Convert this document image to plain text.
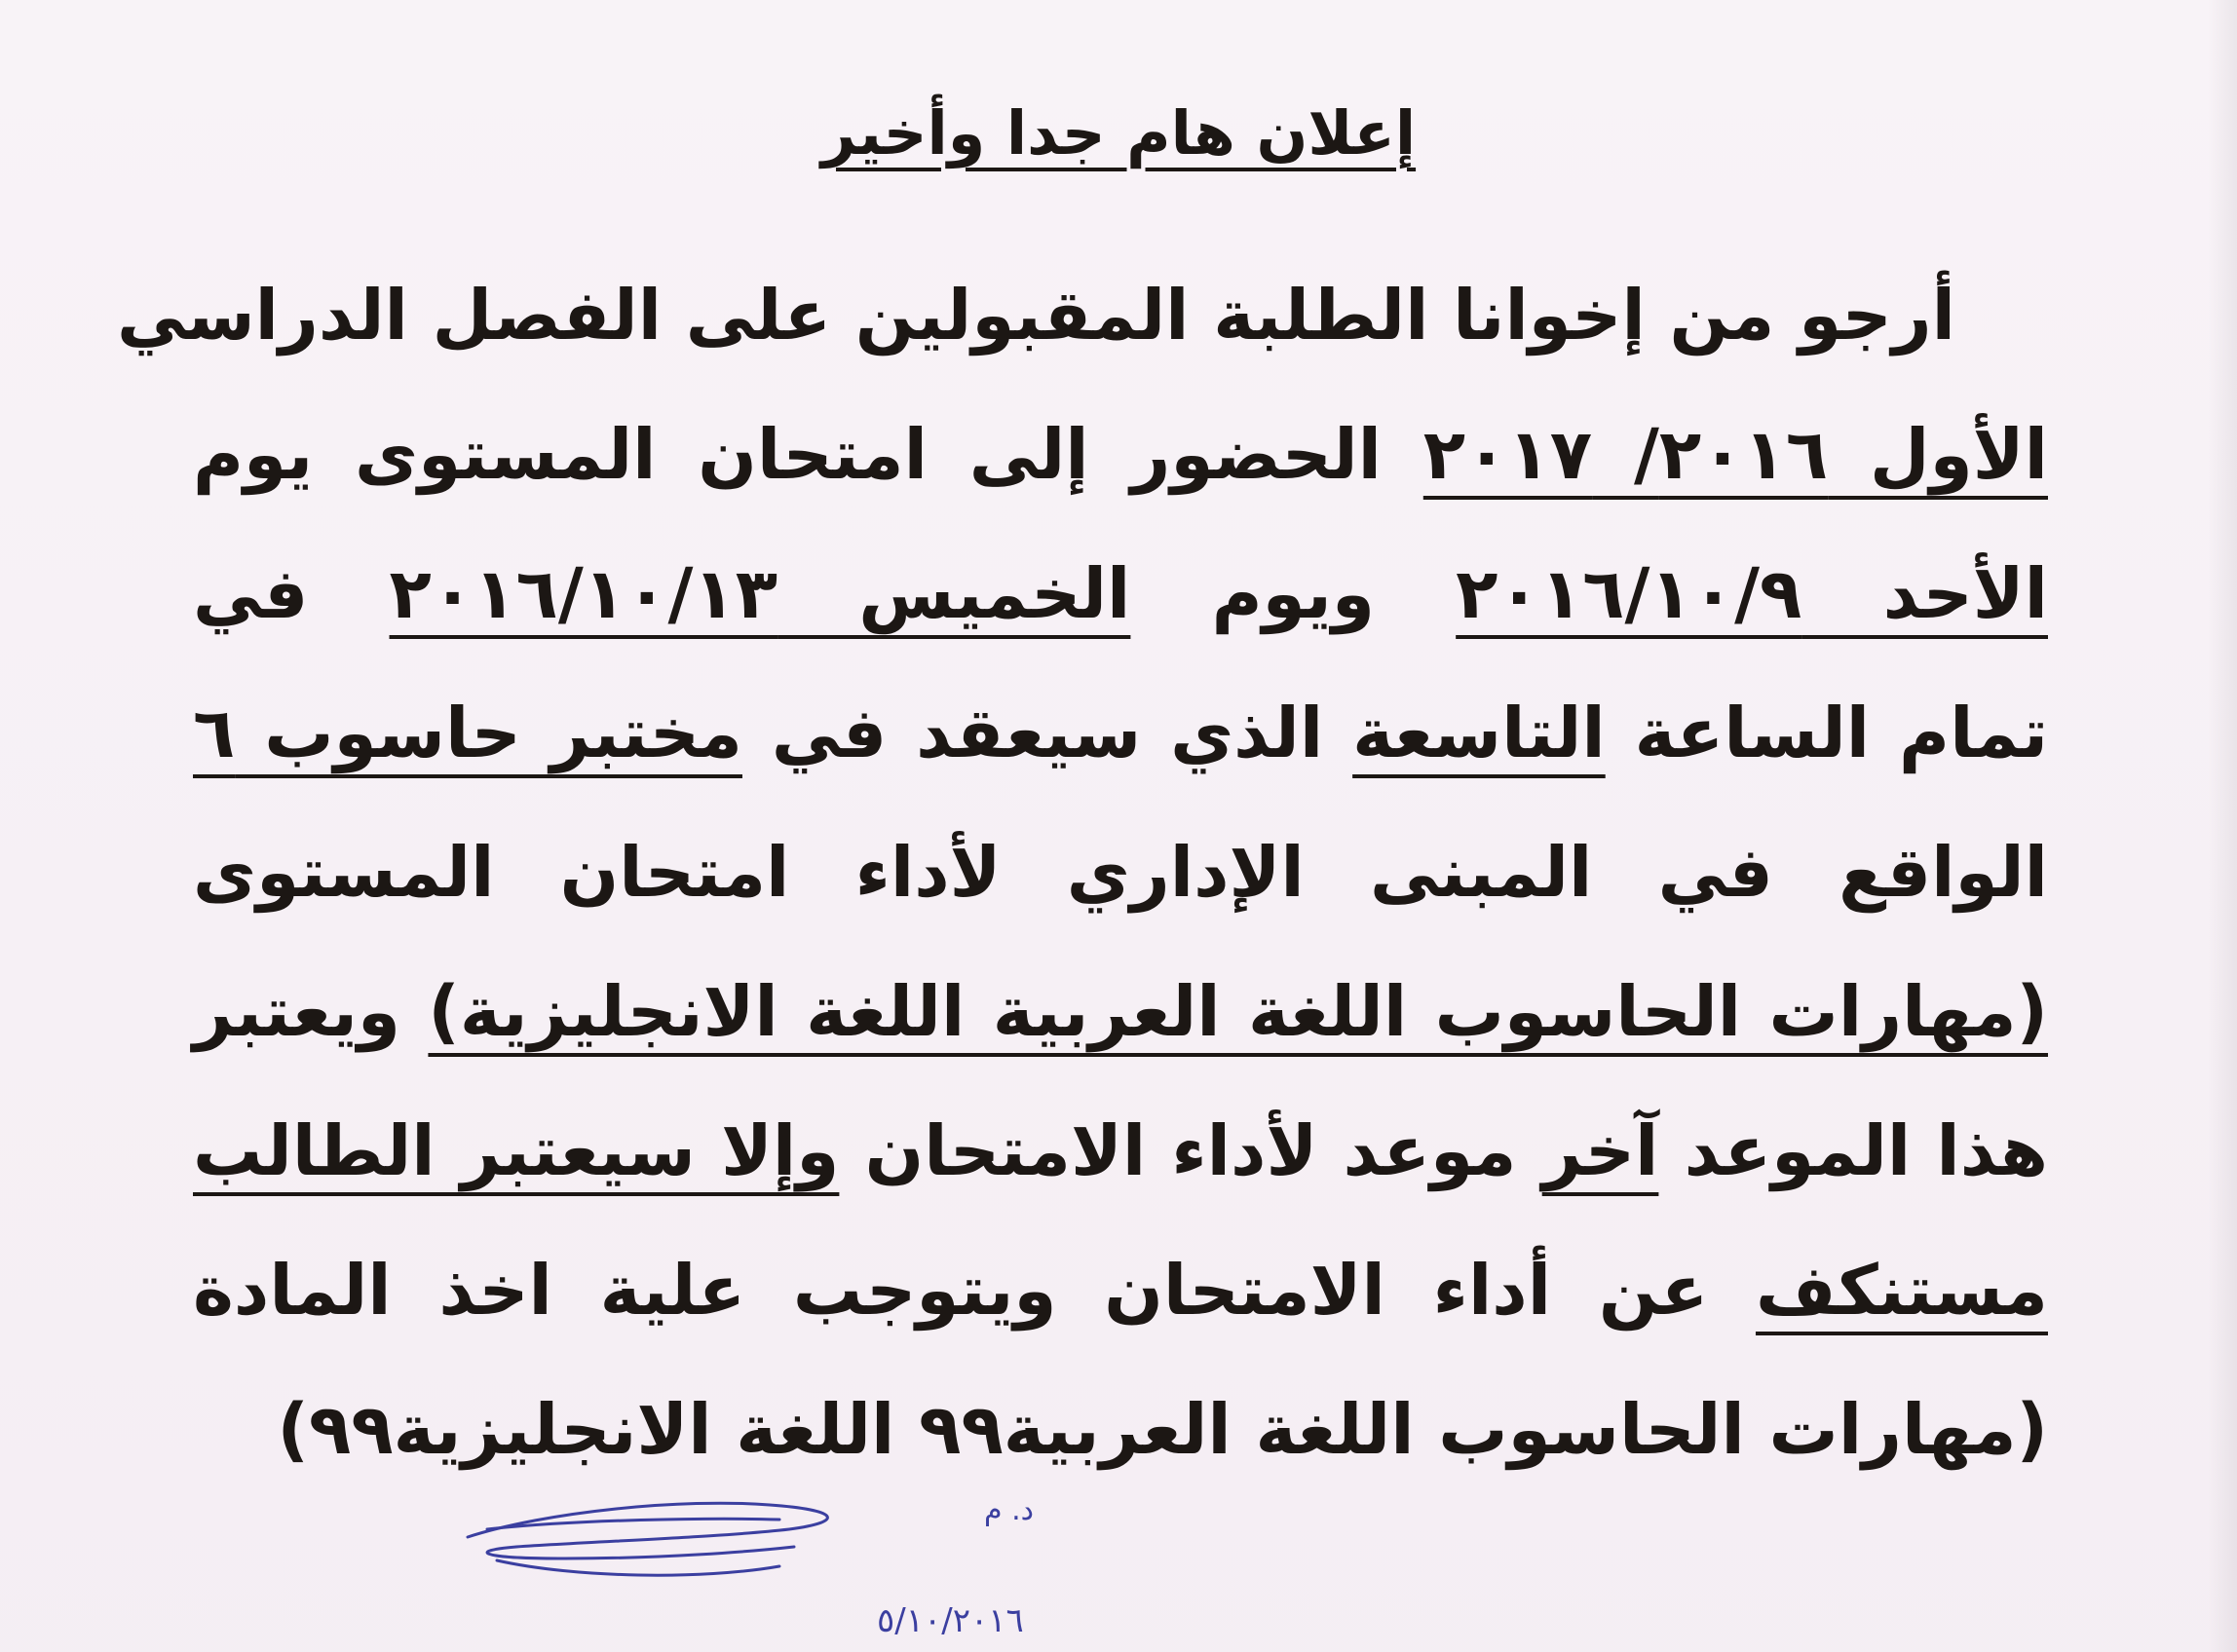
إعلان هام جدا وأخير
أرجو من إخوانا الطلبة المقبولين على الفصل الدراسي
الأول ٢٠١٦/ ٢٠١٧ الحضور إلى امتحان المستوى يوم
الأحد ٢٠١٦/١٠/٩ ويوم الخميس ٢٠١٦/١٠/١٣ في
تمام الساعة التاسعة الذي سيعقد في مختبر حاسوب ٦
الواقع في المبنى الإداري لأداء امتحان المستوى
(مهارات الحاسوب اللغة العربية اللغة الانجليزية) ويعتبر
هذا الموعد آخر موعد لأداء الامتحان وإلا سيعتبر الطالب
مستنكف عن أداء الامتحان ويتوجب علية اخذ المادة
(مهارات الحاسوب اللغة العربية٩٩ اللغة الانجليزية٩٩)
د. م
٥/١٠/٢٠١٦
